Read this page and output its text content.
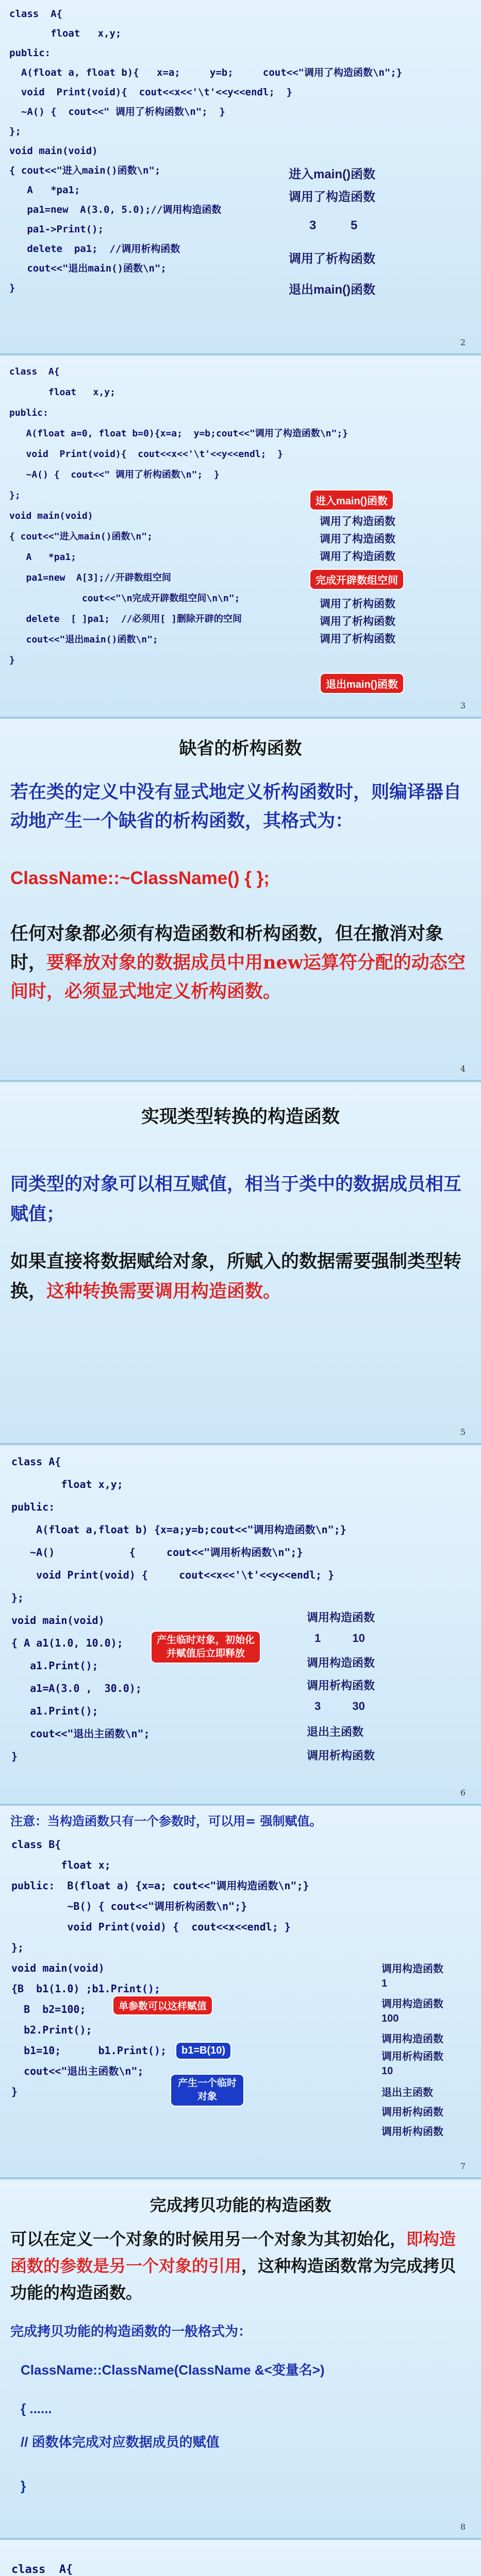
class  A{
float   x,y;
public:
A(float a, float b){   x=a;     y=b;     cout<<"调用了构造函数\n";}
void  Print(void){  cout<<x<<'\t'<<y<<endl;  }
~A() {  cout<<" 调用了析构函数\n";  }
};
void main(void)
{ cout<<"进入main()函数\n";
A   *pa1;
pa1=new  A(3.0, 5.0);//调用构造函数
pa1->Print();
delete  pa1;  //调用析构函数
cout<<"退出main()函数\n";
}
进入main()函数
调用了构造函数
3          5
调用了析构函数
退出main()函数
2
class  A{
float   x,y;
public:
A(float a=0, float b=0){x=a;  y=b;cout<<"调用了构造函数\n";}
void  Print(void){  cout<<x<<'\t'<<y<<endl;  }
~A() {  cout<<" 调用了析构函数\n";  }
};
void main(void)
{ cout<<"进入main()函数\n";
A   *pa1;
pa1=new  A[3];//开辟数组空间
cout<<"\n完成开辟数组空间\n\n";
delete  [ ]pa1;  //必须用[ ]删除开辟的空间
cout<<"退出main()函数\n";
}
进入main()函数
调用了构造函数
调用了构造函数
调用了构造函数
完成开辟数组空间
调用了析构函数
调用了析构函数
调用了析构函数
退出main()函数
3
缺省的析构函数
若在类的定义中没有显式地定义析构函数时，则编译器自动地产生一个缺省的析构函数，其格式为：
ClassName::~ClassName() { };
任何对象都必须有构造函数和析构函数，但在撤消对象时，要释放对象的数据成员中用new运算符分配的动态空间时，必须显式地定义析构函数。
4
实现类型转换的构造函数
同类型的对象可以相互赋值，相当于类中的数据成员相互赋值；
如果直接将数据赋给对象，所赋入的数据需要强制类型转换，这种转换需要调用构造函数。
5
class A{
float x,y;
public:
A(float a,float b) {x=a;y=b;cout<<"调用构造函数\n";}
~A()            {     cout<<"调用析构函数\n";}
void Print(void) {     cout<<x<<'\t'<<y<<endl; }
};
void main(void)
{ A a1(1.0, 10.0);
a1.Print();
a1=A(3.0 ,  30.0);
a1.Print();
cout<<"退出主函数\n";
}
产生临时对象，初始化并赋值后立即释放
调用构造函数
1          10
调用构造函数
调用析构函数
3          30
退出主函数
调用析构函数
6
注意：当构造函数只有一个参数时，可以用= 强制赋值。
class B{
float x;
public:  B(float a) {x=a; cout<<"调用构造函数\n";}
~B() { cout<<"调用析构函数\n";}
void Print(void) {  cout<<x<<endl; }
};
void main(void)
{B  b1(1.0) ;b1.Print();
B  b2=100;
b2.Print();
b1=10;      b1.Print();
cout<<"退出主函数\n";
}
单参数可以这样赋值
b1=B(10)
产生一个临时对象
调用构造函数
1
调用构造函数
100
调用构造函数
调用析构函数
10
退出主函数
调用析构函数
调用析构函数
7
完成拷贝功能的构造函数
可以在定义一个对象的时候用另一个对象为其初始化，即构造函数的参数是另一个对象的引用，这种构造函数常为完成拷贝功能的构造函数。
完成拷贝功能的构造函数的一般格式为：
ClassName::ClassName(ClassName &<变量名>)
{ ......
// 函数体完成对应数据成员的赋值
}
8
class  A{
